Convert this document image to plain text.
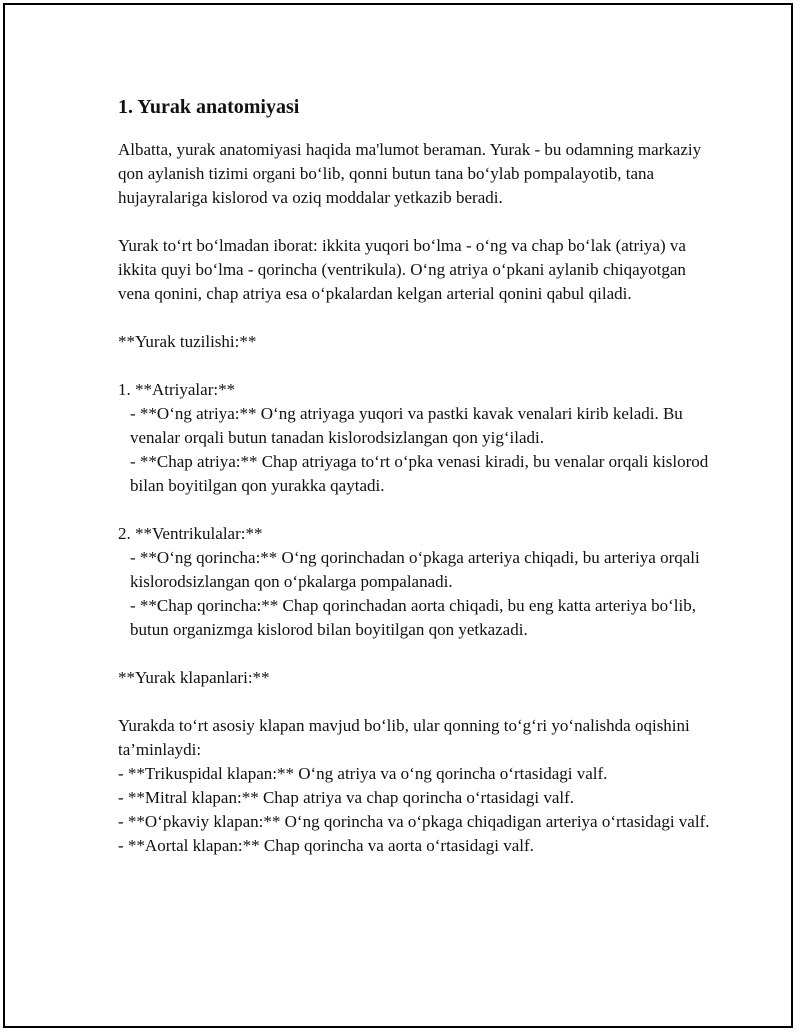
1. Yurak anatomiyasi

Albatta, yurak anatomiyasi haqida ma'lumot beraman. Yurak - bu odamning markaziy qon aylanish tizimi organi bo‘lib, qonni butun tana bo‘ylab pompalayotib, tana hujayralariga kislorod va oziq moddalar yetkazib beradi.

Yurak to‘rt bo‘lmadan iborat: ikkita yuqori bo‘lma - o‘ng va chap bo‘lak (atriya) va ikkita quyi bo‘lma - qorincha (ventrikula). O‘ng atriya o‘pkani aylanib chiqayotgan vena qonini, chap atriya esa o‘pkalardan kelgan arterial qonini qabul qiladi.

**Yurak tuzilishi:**

1. **Atriyalar:**

- **O‘ng atriya:** O‘ng atriyaga yuqori va pastki kavak venalari kirib keladi. Bu venalar orqali butun tanadan kislorodsizlangan qon yig‘iladi.

- **Chap atriya:** Chap atriyaga to‘rt o‘pka venasi kiradi, bu venalar orqali kislorod bilan boyitilgan qon yurakka qaytadi.

2. **Ventrikulalar:**

- **O‘ng qorincha:** O‘ng qorinchadan o‘pkaga arteriya chiqadi, bu arteriya orqali kislorodsizlangan qon o‘pkalarga pompalanadi.

- **Chap qorincha:** Chap qorinchadan aorta chiqadi, bu eng katta arteriya bo‘lib, butun organizmga kislorod bilan boyitilgan qon yetkazadi.

**Yurak klapanlari:**

Yurakda to‘rt asosiy klapan mavjud bo‘lib, ular qonning to‘g‘ri yo‘nalishda oqishini ta’minlaydi:

- **Trikuspidal klapan:** O‘ng atriya va o‘ng qorincha o‘rtasidagi valf.

- **Mitral klapan:** Chap atriya va chap qorincha o‘rtasidagi valf.

- **O‘pkaviy klapan:** O‘ng qorincha va o‘pkaga chiqadigan arteriya o‘rtasidagi valf.

- **Aortal klapan:** Chap qorincha va aorta o‘rtasidagi valf.
